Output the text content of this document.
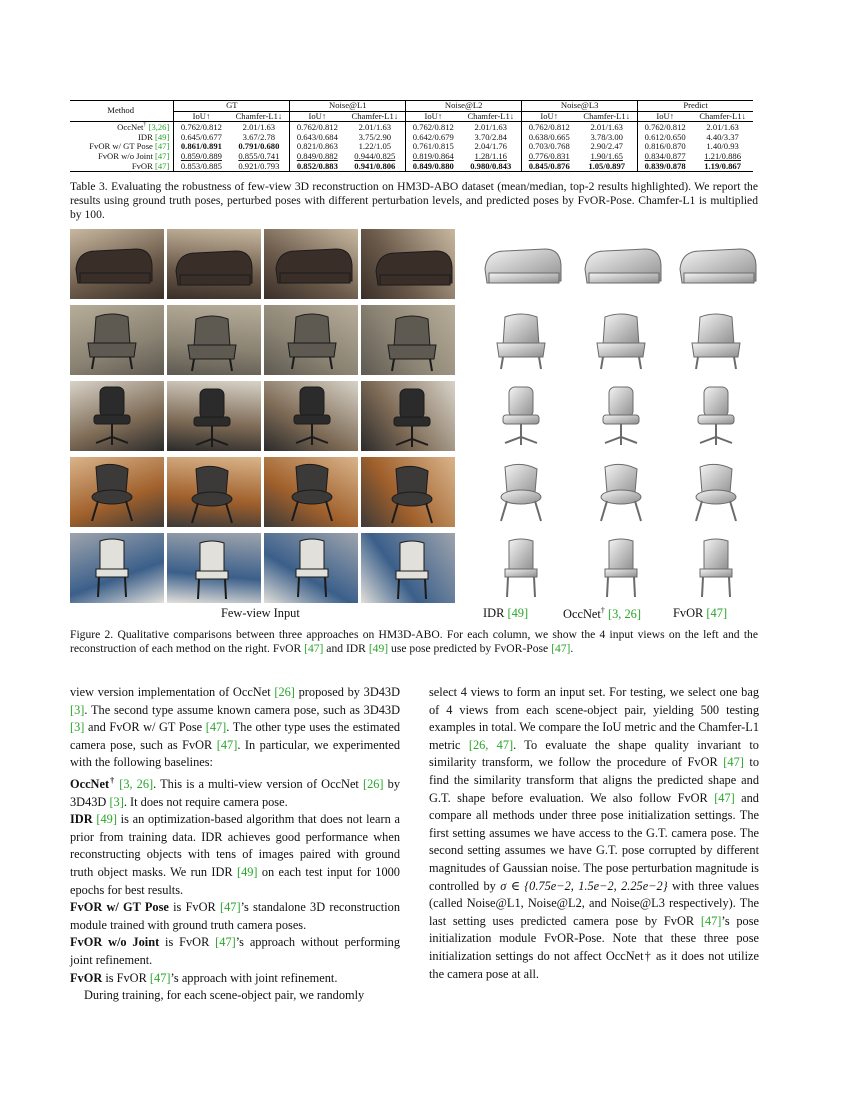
Method	GT		Noise@L1		Noise@L2		Noise@L3		Predict	
	IoU↑	Chamfer-L1↓	IoU↑	Chamfer-L1↓	IoU↑	Chamfer-L1↓	IoU↑	Chamfer-L1↓	IoU↑	Chamfer-L1↓
OccNet† [3,26]	0.762/0.812	2.01/1.63	0.762/0.812	2.01/1.63	0.762/0.812	2.01/1.63	0.762/0.812	2.01/1.63	0.762/0.812	2.01/1.63
IDR [49]	0.645/0.677	3.67/2.78	0.643/0.684	3.75/2.90	0.642/0.679	3.70/2.84	0.638/0.665	3.78/3.00	0.612/0.650	4.40/3.37
FvOR w/ GT Pose [47]	0.861/0.891	0.791/0.680	0.821/0.863	1.22/1.05	0.761/0.815	2.04/1.76	0.703/0.768	2.90/2.47	0.816/0.870	1.40/0.93
FvOR w/o Joint [47]	0.859/0.889	0.855/0.741	0.849/0.882	0.944/0.825	0.819/0.864	1.28/1.16	0.776/0.831	1.90/1.65	0.834/0.877	1.21/0.886
FvOR [47]	0.853/0.885	0.921/0.793	0.852/0.883	0.941/0.806	0.849/0.880	0.980/0.843	0.845/0.876	1.05/0.897	0.839/0.878	1.19/0.867
Table 3. Evaluating the robustness of few-view 3D reconstruction on HM3D-ABO dataset (mean/median, top-2 results highlighted). We report the results using ground truth poses, perturbed poses with different perturbation levels, and predicted poses by FvOR-Pose. Chamfer-L1 is multiplied by 100.
Few-view Input	IDR [49]	OccNet† [3, 26]	FvOR [47]
Figure 2. Qualitative comparisons between three approaches on HM3D-ABO. For each column, we show the 4 input views on the left and the reconstruction of each method on the right. FvOR [47] and IDR [49] use pose predicted by FvOR-Pose [47].

view version implementation of OccNet [26] proposed by 3D43D [3]. The second type assume known camera pose, such as 3D43D [3] and FvOR w/ GT Pose [47]. The other type uses the estimated camera pose, such as FvOR [47]. In particular, we experimented with the following baselines:

OccNet† [3, 26]. This is a multi-view version of OccNet [26] by 3D43D [3]. It does not require camera pose.

IDR [49] is an optimization-based algorithm that does not learn a prior from training data. IDR achieves good performance when reconstructing objects with tens of images paired with ground truth object masks. We run IDR [49] on each test input for 1000 epochs for best results.

FvOR w/ GT Pose is FvOR [47]’s standalone 3D reconstruction module trained with ground truth camera poses.

FvOR w/o Joint is FvOR [47]’s approach without performing joint refinement.

FvOR is FvOR [47]’s approach with joint refinement.

During training, for each scene-object pair, we randomly

select 4 views to form an input set. For testing, we select one bag of 4 views from each scene-object pair, yielding 500 testing examples in total. We compare the IoU metric and the Chamfer-L1 metric [26, 47]. To evaluate the shape quality invariant to similarity transform, we follow the procedure of FvOR [47] to find the similarity transform that aligns the predicted shape and G.T. shape before evaluation. We also follow FvOR [47] and compare all methods under three pose initialization settings. The first setting assumes we have access to the G.T. camera pose. The second setting assumes we have G.T. pose corrupted by different magnitudes of Gaussian noise. The pose perturbation magnitude is controlled by σ ∈ {0.75e−2, 1.5e−2, 2.25e−2} with three values (called Noise@L1, Noise@L2, and Noise@L3 respectively). The last setting uses predicted camera pose by FvOR [47]’s pose initialization module FvOR-Pose. Note that these three pose initialization settings do not affect OccNet† as it does not utilize the camera pose at all.
